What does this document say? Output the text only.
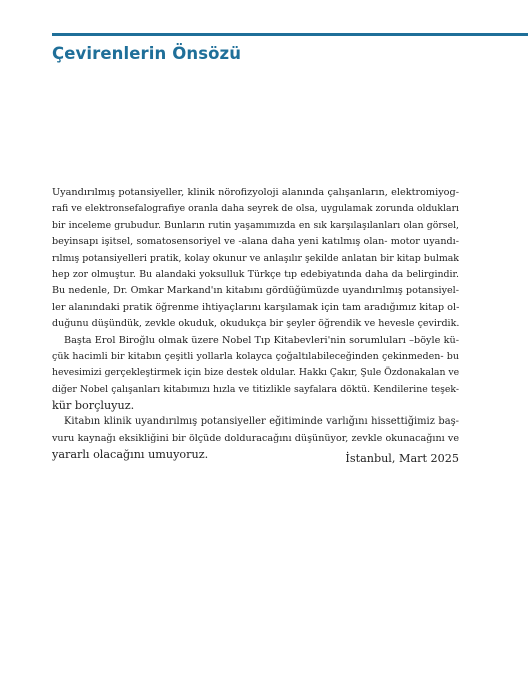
Çevirenlerin Önsözü
Uyandırılmış potansiyeller, klinik nörofizyoloji alanında çalışanların, elektromiyog-
rafi ve elektronsefalografiye oranla daha seyrek de olsa, uygulamak zorunda oldukları
bir inceleme grubudur. Bunların rutin yaşamımızda en sık karşılaşılanları olan görsel,
beyinsapı işitsel, somatosensoriyel ve -alana daha yeni katılmış olan- motor uyandı-
rılmış potansiyelleri pratik, kolay okunur ve anlaşılır şekilde anlatan bir kitap bulmak
hep zor olmuştur. Bu alandaki yoksulluk Türkçe tıp edebiyatında daha da belirgindir.
Bu nedenle, Dr. Omkar Markand'ın kitabını gördüğümüzde uyandırılmış potansiyel-
ler alanındaki pratik öğrenme ihtiyaçlarını karşılamak için tam aradığımız kitap ol-
duğunu düşündük, zevkle okuduk, okudukça bir şeyler öğrendik ve hevesle çevirdik.
Başta Erol Biroğlu olmak üzere Nobel Tıp Kitabevleri'nin sorumluları –böyle kü-
çük hacimli bir kitabın çeşitli yollarla kolayca çoğaltılabileceğinden çekinmeden- bu
hevesimizi gerçekleştirmek için bize destek oldular. Hakkı Çakır, Şule Özdonakalan ve
diğer Nobel çalışanları kitabımızı hızla ve titizlikle sayfalara döktü. Kendilerine teşek-
kür borçluyuz.
Kitabın klinik uyandırılmış potansiyeller eğitiminde varlığını hissettiğimiz baş-
vuru kaynağı eksikliğini bir ölçüde dolduracağını düşünüyor, zevkle okunacağını ve
yararlı olacağını umuyoruz.	İstanbul, Mart 2025
